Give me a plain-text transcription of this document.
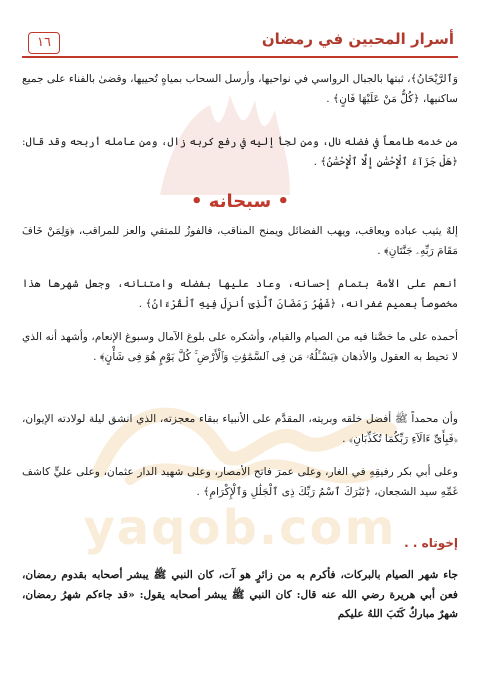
yaqob.com
١٦	أسرار المحبين في رمضان

وَٱلرَّيْحَانُ﴾، ثبتها بالجبال الرواسي في نواحيها، وأرسل السحاب بمياهٍ تُحييها، وقضىٰ بالفناء على جميع ساكنيها، ﴿كُلُّ مَنْ عَلَيْهَا فَانٍ﴾ .

من خدمه طامعاً في فضله نال، ومن لجأ إليه في رفع كربه زال، ومن عامله أربحه وقد قال: ﴿هَلْ جَزَآءُ ٱلْإِحْسَٰنِ إِلَّا ٱلْإِحْسَٰنُ﴾ .

• سبحانه •

إلهٌ يثيب عباده ويعاقب، ويهب الفضائل ويمنح المناقب، فالفوزُ للمتقي والعز للمراقب، ﴿وَلِمَنْ خَافَ مَقَامَ رَبِّهِۦ جَنَّتَانِ﴾ .

أنعم على الأمة بتمام إحسانه، وعاد عليها بفضله وامتنانه، وجعل شهرها هذا مخصوصاً بعميم غفرانه، ﴿شَهْرُ رَمَضَانَ ٱلَّذِىٓ أُنزِلَ فِيهِ ٱلْقُرْءَانُ﴾ .

أحمده على ما خصَّنا فيه من الصيام والقيام، وأشكره على بلوغ الآمال وسبوغ الإنعام، وأشهد أنه الذي لا تحيط به العقول والأذهان ﴿يَسْـَٔلُهُۥ مَن فِى ٱلسَّمَٰوَٰتِ وَٱلْأَرْضِ ۚ كُلَّ يَوْمٍ هُوَ فِى شَأْنٍ﴾ .

وأن محمداً ﷺ أفضل خلقه وبريته، المقدَّم على الأنبياء ببقاء معجزته، الذي انشق ليلة لولادته الإيوان، ﴿فَبِأَىِّ ءَالَآءِ رَبِّكُمَا تُكَذِّبَانِ﴾ .

وعلى أبي بكر رفيقِهِ في الغار، وعلى عمرَ فاتح الأمصار، وعلى شهيد الدار عثمان، وعلى عليٍّ كاشف غَمِّهِ سيد الشجعان، ﴿تَبَٰرَكَ ٱسْمُ رَبِّكَ ذِى ٱلْجَلَٰلِ وَٱلْإِكْرَامِ﴾ .

إخوتاه . .

جاء شهر الصيام بالبركات، فأكرم به من زائرٍ هو آت، كان النبي ﷺ يبشر أصحابه بقدوم رمضان، فعن أبي هريرة رضي الله عنه قال: كان النبي ﷺ يبشر أصحابه يقول: «قد جاءكم شهرُ رمضان، شهرٌ مباركٌ كَتَبَ اللهُ عليكم
